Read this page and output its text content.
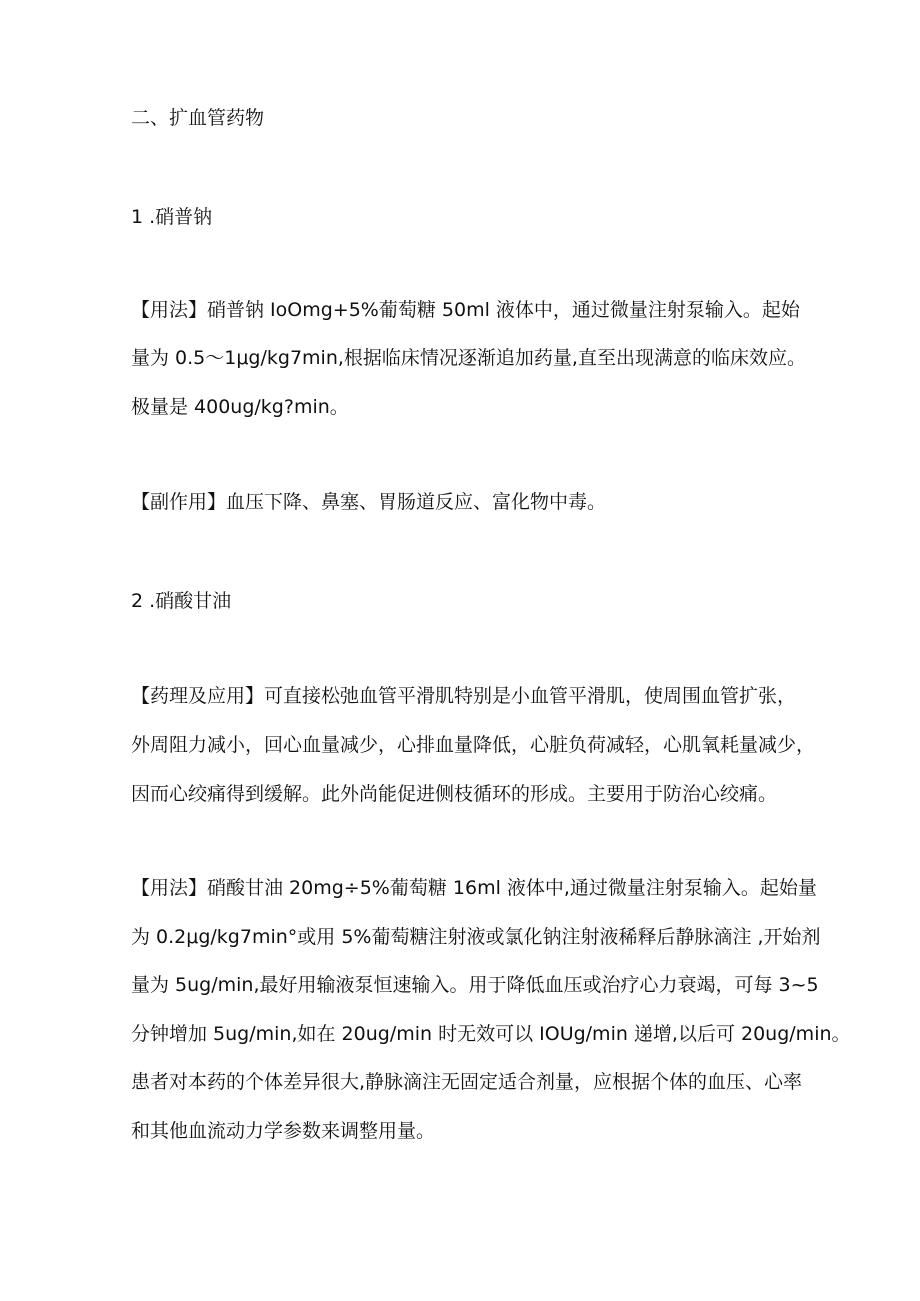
二、扩血管药物
1 .硝普钠
【用法】硝普钠 IoOmg+5%葡萄糖 50ml 液体中，通过微量注射泵输入。起始
量为 0.5～1μg∕kg7min,根据临床情况逐渐追加药量,直至出现满意的临床效应。
极量是 400ug/kg?min。
【副作用】血压下降、鼻塞、胃肠道反应、富化物中毒。
2 .硝酸甘油
【药理及应用】可直接松弛血管平滑肌特别是小血管平滑肌，使周围血管扩张，
外周阻力减小，回心血量减少，心排血量降低，心脏负荷减轻，心肌氧耗量减少，
因而心绞痛得到缓解。此外尚能促进侧枝循环的形成。主要用于防治心绞痛。
【用法】硝酸甘油 20mg÷5%葡萄糖 16ml 液体中,通过微量注射泵输入。起始量
为 0.2μg∕kg7min°或用 5%葡萄糖注射液或氯化钠注射液稀释后静脉滴注 ,开始剂
量为 5ug∕min,最好用输液泵恒速输入。用于降低血压或治疗心力衰竭，可每 3~5
分钟增加 5ug∕min,如在 20ug∕min 时无效可以 IOUg∕min 递增,以后可 20ug∕min。
患者对本药的个体差异很大,静脉滴注无固定适合剂量，应根据个体的血压、心率
和其他血流动力学参数来调整用量。
